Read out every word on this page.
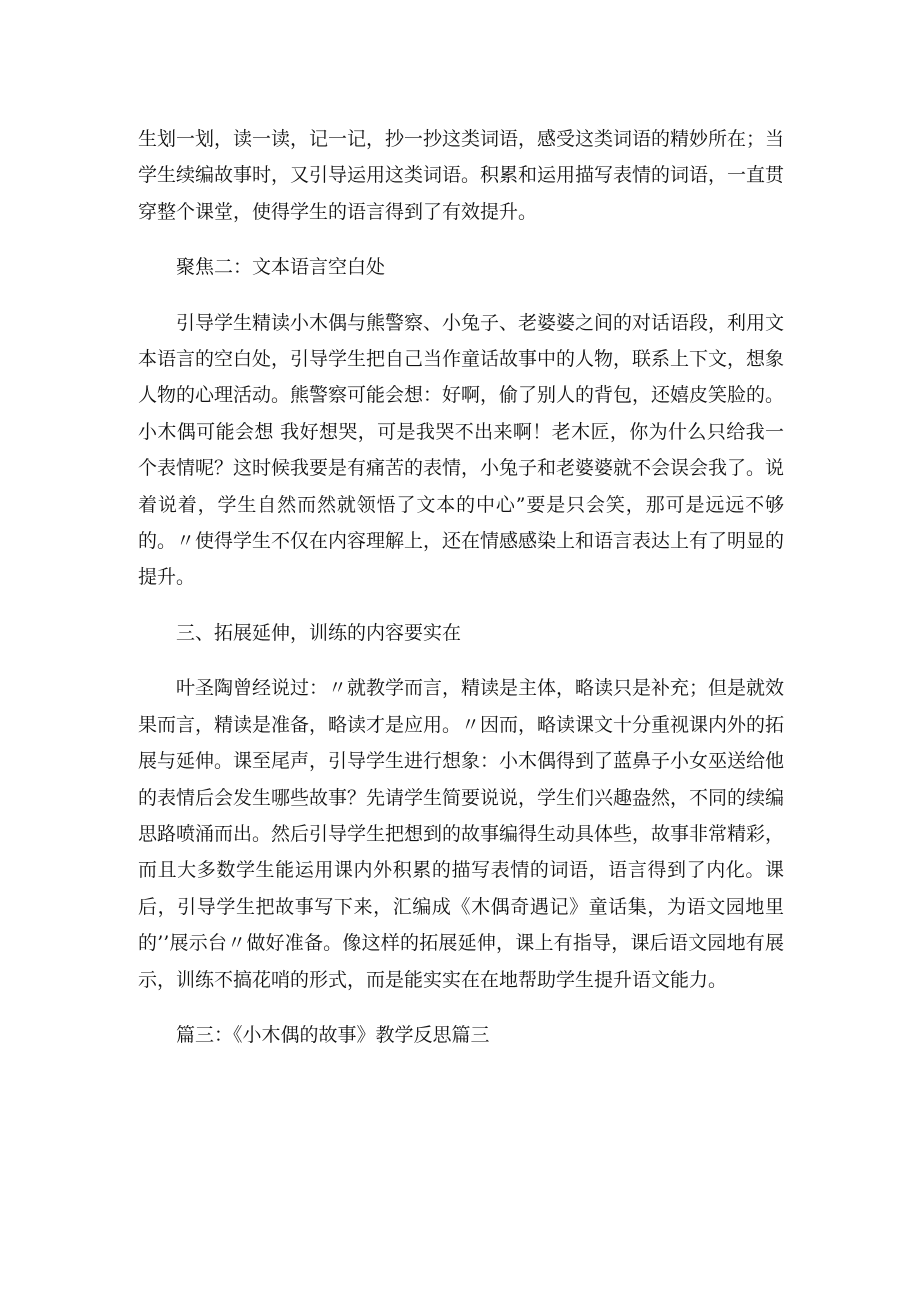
生划一划，读一读，记一记，抄一抄这类词语，感受这类词语的精妙所在；当学生续编故事时，又引导运用这类词语。积累和运用描写表情的词语，一直贯穿整个课堂，使得学生的语言得到了有效提升。

聚焦二：文本语言空白处

引导学生精读小木偶与熊警察、小兔子、老婆婆之间的对话语段，利用文本语言的空白处，引导学生把自己当作童话故事中的人物，联系上下文，想象人物的心理活动。熊警察可能会想：好啊，偷了别人的背包，还嬉皮笑脸的。小木偶可能会想 我好想哭，可是我哭不出来啊！老木匠，你为什么只给我一个表情呢？这时候我要是有痛苦的表情，小兔子和老婆婆就不会误会我了。说着说着，学生自然而然就领悟了文本的中心”要是只会笑，那可是远远不够的。〃使得学生不仅在内容理解上，还在情感感染上和语言表达上有了明显的提升。

三、拓展延伸，训练的内容要实在

叶圣陶曾经说过：〃就教学而言，精读是主体，略读只是补充；但是就效果而言，精读是准备，略读才是应用。〃因而，略读课文十分重视课内外的拓展与延伸。课至尾声，引导学生进行想象：小木偶得到了蓝鼻子小女巫送给他的表情后会发生哪些故事？先请学生简要说说，学生们兴趣盎然，不同的续编思路喷涌而出。然后引导学生把想到的故事编得生动具体些，故事非常精彩，而且大多数学生能运用课内外积累的描写表情的词语，语言得到了内化。课后，引导学生把故事写下来，汇编成《木偶奇遇记》童话集，为语文园地里的’’展示台〃做好准备。像这样的拓展延伸，课上有指导，课后语文园地有展示，训练不搞花哨的形式，而是能实实在在地帮助学生提升语文能力。

篇三：《小木偶的故事》教学反思篇三
